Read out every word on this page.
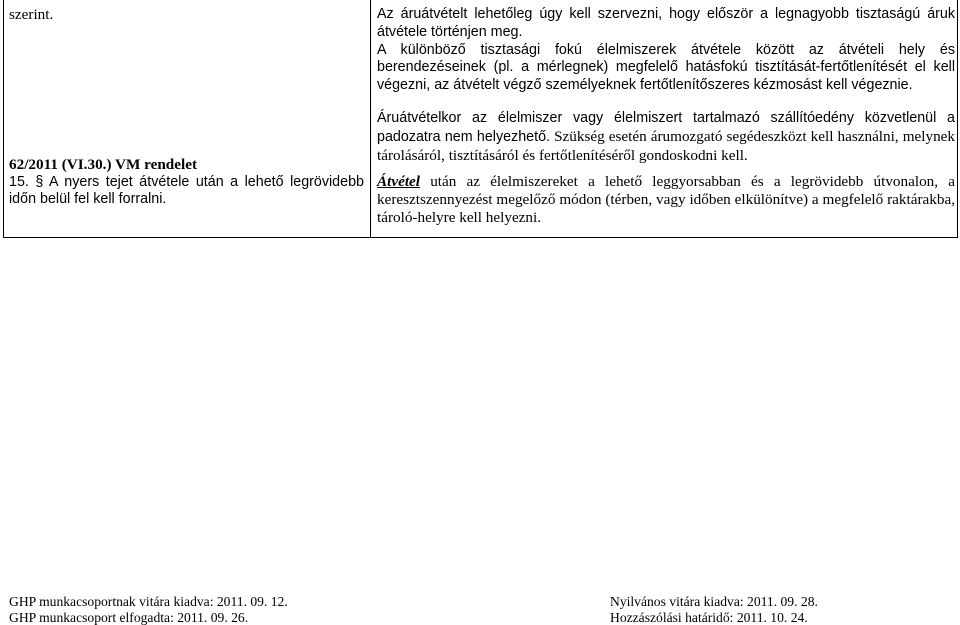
szerint.

62/2011 (VI.30.) VM rendelet

15. § A nyers tejet átvétele után a lehető legrövidebb időn belül fel kell forralni.

Az áruátvételt lehetőleg úgy kell szervezni, hogy először a legnagyobb tisztaságú áruk átvétele történjen meg.

A különböző tisztasági fokú élelmiszerek átvétele között az átvételi hely és berendezéseinek (pl. a mérlegnek) megfelelő hatásfokú tisztítását-fertőtlenítését el kell végezni, az átvételt végző személyeknek fertőtlenítőszeres kézmosást kell végeznie.

Áruátvételkor az élelmiszer vagy élelmiszert tartalmazó szállítóedény közvetlenül a padozatra nem helyezhető. Szükség esetén árumozgató segédeszközt kell használni, melynek tárolásáról, tisztításáról és fertőtlenítéséről gondoskodni kell.

Átvétel után az élelmiszereket a lehető leggyorsabban és a legrövidebb útvonalon, a keresztszennyezést megelőző módon (térben, vagy időben elkülönítve) a megfelelő raktárakba, tároló-helyre kell helyezni.

GHP munkacsoportnak vitára kiadva: 2011. 09. 12.
GHP munkacsoport elfogadta: 2011. 09. 26.
Nyilvános vitára kiadva: 2011. 09. 28.
Hozzászólási határidő: 2011. 10. 24.
